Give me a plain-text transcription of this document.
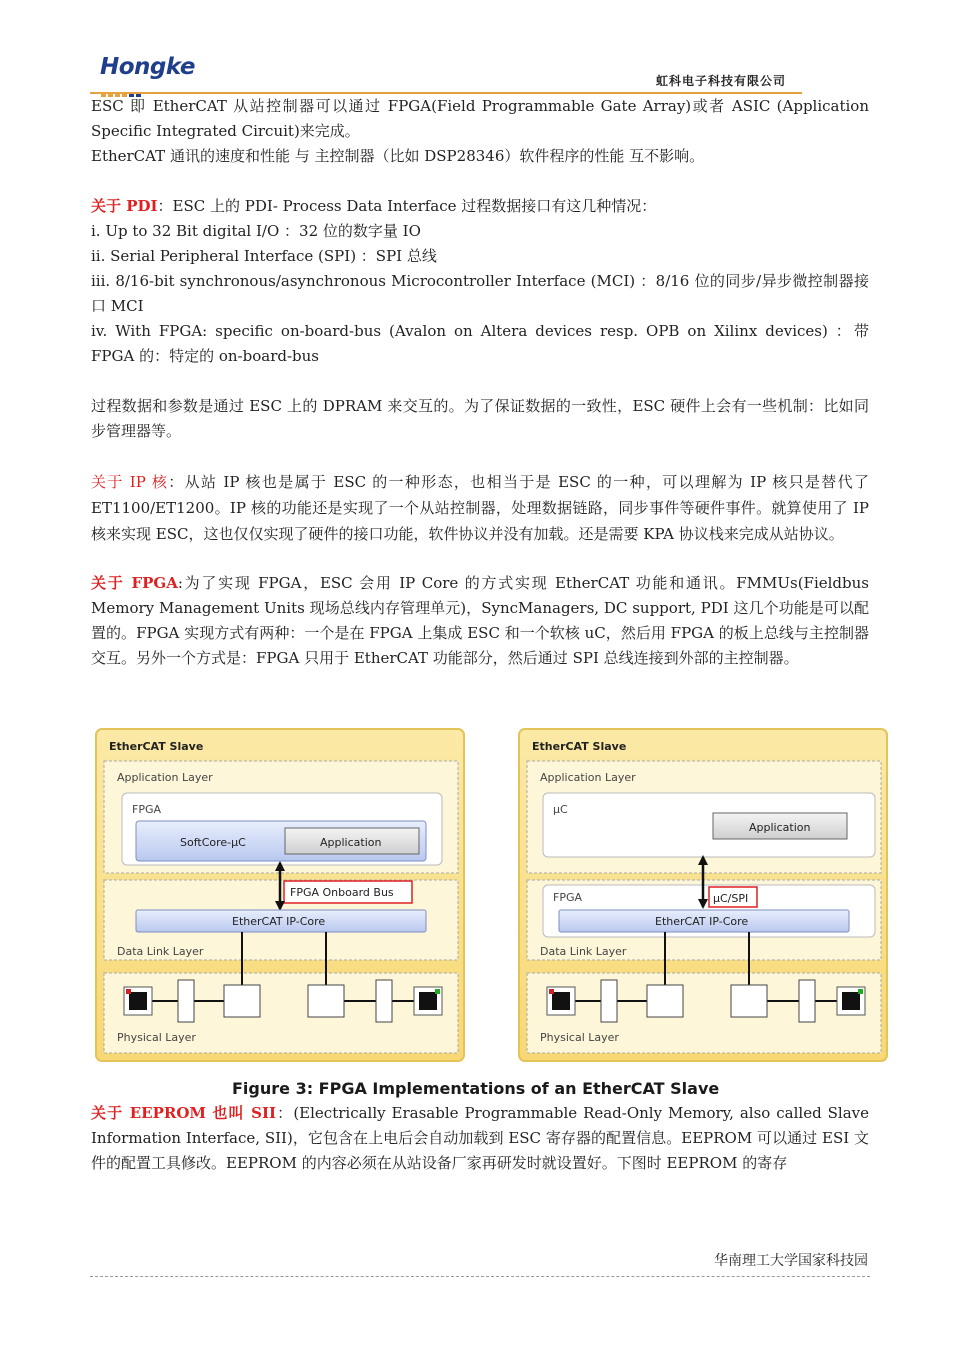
Hongke
虹科电子科技有限公司

ESC 即 EtherCAT 从站控制器可以通过 FPGA(Field Programmable Gate Array)或者 ASIC (Application Specific Integrated Circuit)来完成。

EtherCAT 通讯的速度和性能 与 主控制器（比如 DSP28346）软件程序的性能 互不影响。

关于 PDI：ESC 上的 PDI- Process Data Interface 过程数据接口有这几种情况：

i. Up to 32 Bit digital I/O ：32 位的数字量 IO

ii. Serial Peripheral Interface (SPI) ：SPI 总线

iii. 8/16-bit synchronous/asynchronous Microcontroller Interface (MCI) ：8/16 位的同步/异步微控制器接口 MCI

iv. With FPGA: specific on-board-bus (Avalon on Altera devices resp. OPB on Xilinx devices) ：带 FPGA 的：特定的 on-board-bus

过程数据和参数是通过 ESC 上的 DPRAM 来交互的。为了保证数据的一致性，ESC 硬件上会有一些机制：比如同步管理器等。

关于 IP 核：从站 IP 核也是属于 ESC 的一种形态，也相当于是 ESC 的一种，可以理解为 IP 核只是替代了 ET1100/ET1200。IP 核的功能还是实现了一个从站控制器，处理数据链路，同步事件等硬件事件。就算使用了 IP 核来实现 ESC，这也仅仅实现了硬件的接口功能，软件协议并没有加载。还是需要 KPA 协议栈来完成从站协议。

关于 FPGA:为了实现 FPGA，ESC 会用 IP Core 的方式实现 EtherCAT 功能和通讯。FMMUs(Fieldbus Memory Management Units 现场总线内存管理单元)，SyncManagers, DC support, PDI 这几个功能是可以配置的。FPGA 实现方式有两种：一个是在 FPGA 上集成 ESC 和一个软核 uC，然后用 FPGA 的板上总线与主控制器交互。另外一个方式是：FPGA 只用于 EtherCAT 功能部分，然后通过 SPI 总线连接到外部的主控制器。

EtherCAT Slave
Application Layer
FPGA
SoftCore-µC	Application
FPGA Onboard Bus
EtherCAT IP-Core
Data Link Layer
Physical Layer
EtherCAT Slave
Application Layer
µC
Application
FPGA	µC/SPI
EtherCAT IP-Core
Data Link Layer
Physical Layer
Figure 3: FPGA Implementations of an EtherCAT Slave

关于 EEPROM 也叫 SII：(Electrically Erasable Programmable Read-Only Memory, also called Slave Information Interface, SII)，它包含在上电后会自动加载到 ESC 寄存器的配置信息。EEPROM 可以通过 ESI 文件的配置工具修改。EEPROM 的内容必须在从站设备厂家再研发时就设置好。下图时 EEPROM 的寄存

华南理工大学国家科技园
